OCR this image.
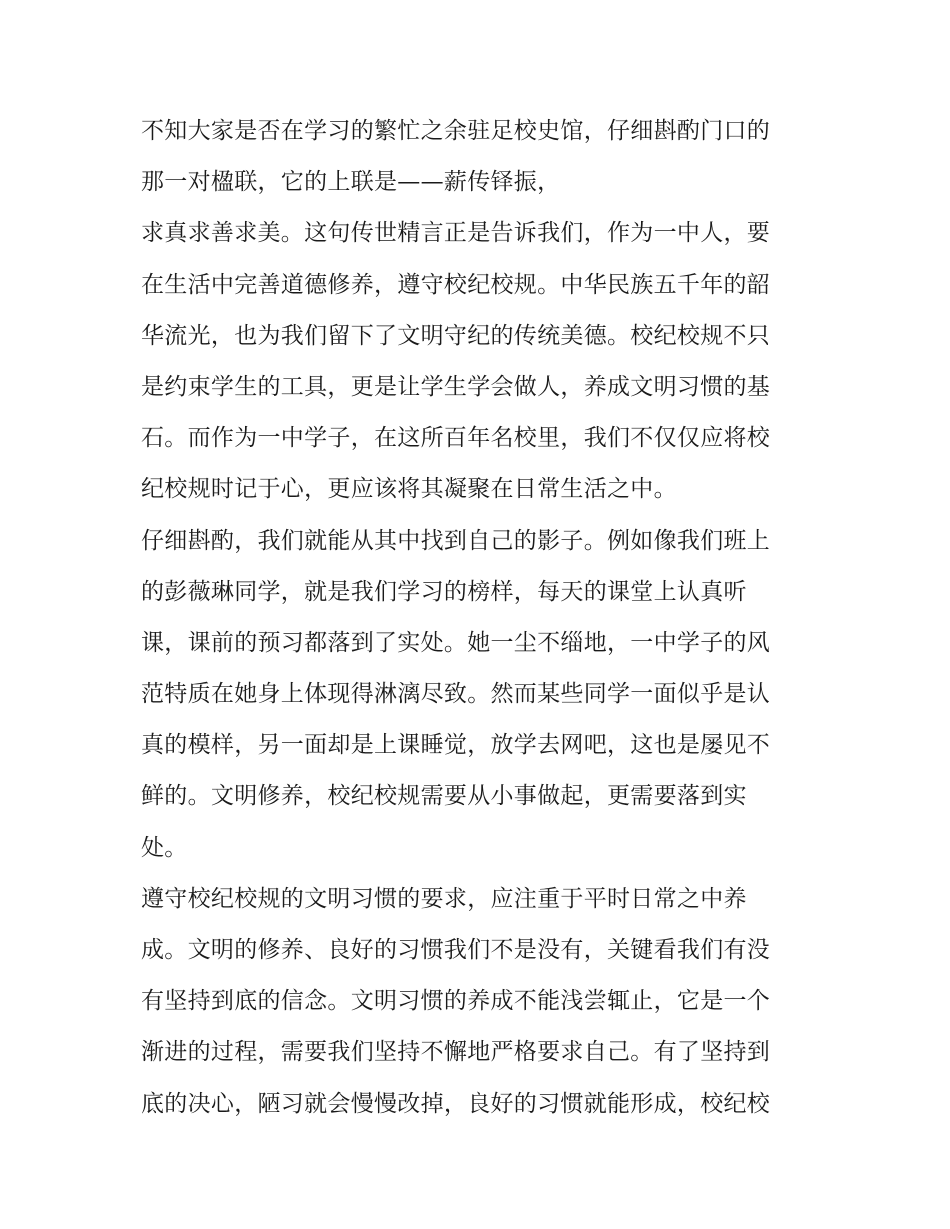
不知大家是否在学习的繁忙之余驻足校史馆，仔细斟酌门口的
那一对楹联，它的上联是——薪传铎振，
求真求善求美。这句传世精言正是告诉我们，作为一中人，要
在生活中完善道德修养，遵守校纪校规。中华民族五千年的韶
华流光，也为我们留下了文明守纪的传统美德。校纪校规不只
是约束学生的工具，更是让学生学会做人，养成文明习惯的基
石。而作为一中学子，在这所百年名校里，我们不仅仅应将校
纪校规时记于心，更应该将其凝聚在日常生活之中。
仔细斟酌，我们就能从其中找到自己的影子。例如像我们班上
的彭薇琳同学，就是我们学习的榜样，每天的课堂上认真听
课，课前的预习都落到了实处。她一尘不缁地，一中学子的风
范特质在她身上体现得淋漓尽致。然而某些同学一面似乎是认
真的模样，另一面却是上课睡觉，放学去网吧，这也是屡见不
鲜的。文明修养，校纪校规需要从小事做起，更需要落到实
处。
遵守校纪校规的文明习惯的要求，应注重于平时日常之中养
成。文明的修养、良好的习惯我们不是没有，关键看我们有没
有坚持到底的信念。文明习惯的养成不能浅尝辄止，它是一个
渐进的过程，需要我们坚持不懈地严格要求自己。有了坚持到
底的决心，陋习就会慢慢改掉，良好的习惯就能形成，校纪校
